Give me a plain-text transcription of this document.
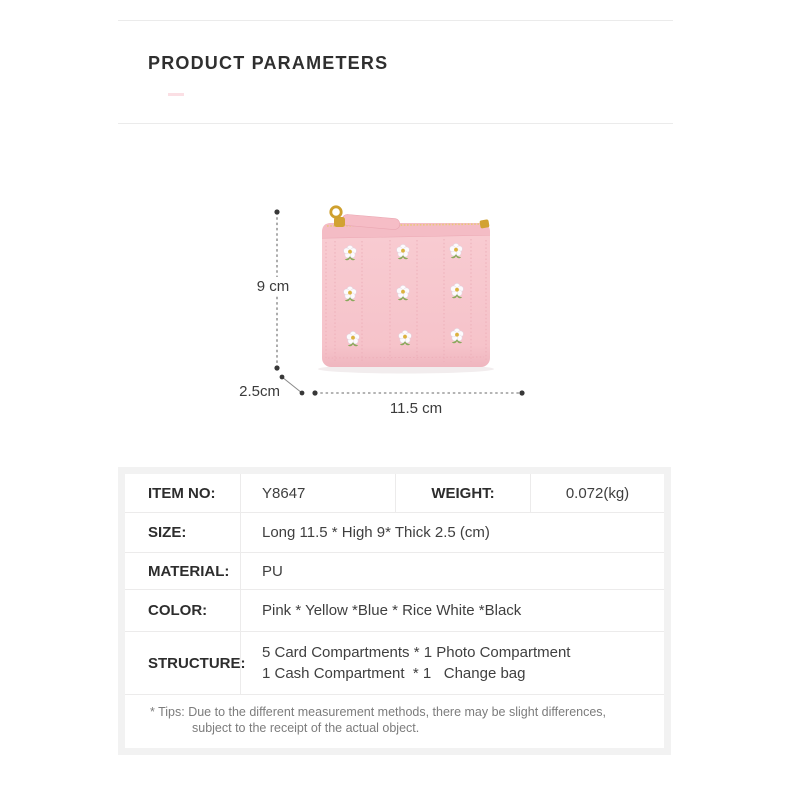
PRODUCT PARAMETERS
9 cm
2.5cm
11.5 cm
ITEM NO:	Y8647	WEIGHT:	0.072(kg)
SIZE:	Long 11.5 * High 9* Thick 2.5 (cm)
MATERIAL:	PU
COLOR:	Pink * Yellow *Blue * Rice White *Black
STRUCTURE:
5 Card Compartments * 1 Photo Compartment
1 Cash Compartment  * 1   Change bag
* Tips: Due to the different measurement methods, there may be slight differences,
subject to the receipt of the actual object.
